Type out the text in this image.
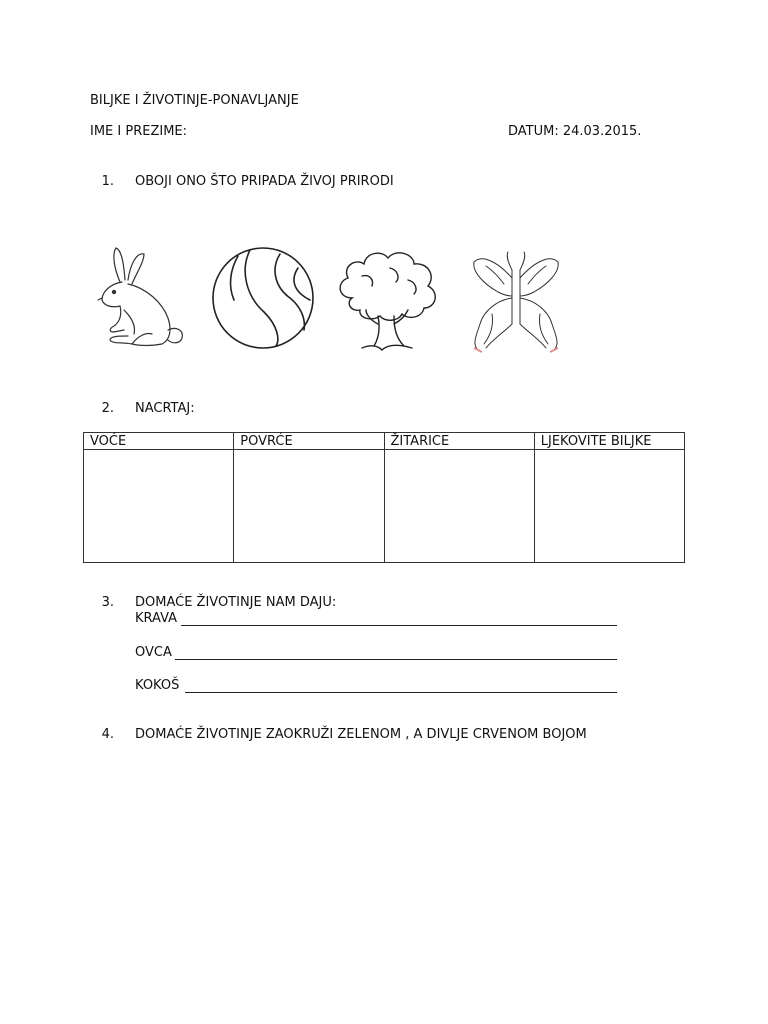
BILJKE I ŽIVOTINJE-PONAVLJANJE
IME I PREZIME:	DATUM: 24.03.2015.
1. OBOJI ONO ŠTO PRIPADA ŽIVOJ PRIRODI
2. NACRTAJ:
VOĆE	POVRĆE	ŽITARICE	LJEKOVITE BILJKE

3. DOMAĆE ŽIVOTINJE NAM DAJU:
KRAVA
OVCA
KOKOŠ
4. DOMAĆE ŽIVOTINJE ZAOKRUŽI ZELENOM , A DIVLJE CRVENOM BOJOM
